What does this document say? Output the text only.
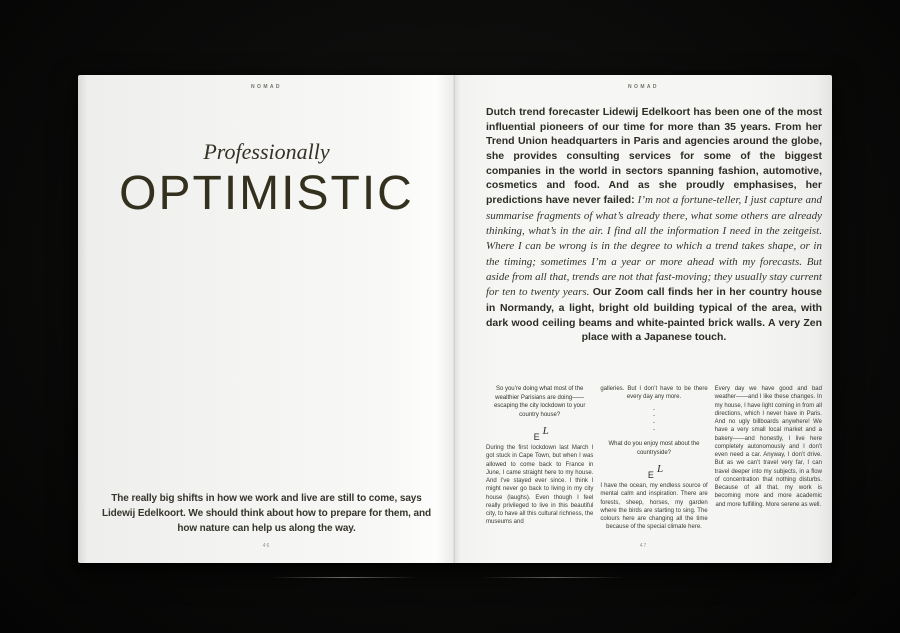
NOMAD
Professionally
OPTIMISTIC

The really big shifts in how we work and live are still to come, says Lidewij Edelkoort. We should think about how to prepare for them, and how nature can help us along the way.

46
NOMAD

Dutch trend forecaster Lidewij Edelkoort has been one of the most influential pioneers of our time for more than 35 years. From her Trend Union headquarters in Paris and agencies around the globe, she provides consulting services for some of the biggest companies in the world in sectors spanning fashion, automotive, cosmetics and food. And as she proudly emphasises, her predictions have never failed: I’m not a fortune-teller, I just capture and summarise fragments of what’s already there, what some others are already thinking, what’s in the air. I find all the information I need in the zeitgeist. Where I can be wrong is in the degree to which a trend takes shape, or in the timing; sometimes I’m a year or more ahead with my forecasts. But aside from all that, trends are not that fast-moving; they usually stay current for ten to twenty years. Our Zoom call finds her in her country house in Normandy, a light, bright old building typical of the area, with dark wood ceiling beams and white-painted brick walls. A very Zen place with a Japanese touch.

So you’re doing what most of the wealthier Parisians are doing——escaping the city lockdown to your country house?

E L

During the first lockdown last March I got stuck in Cape Town, but when I was allowed to come back to France in June, I came straight here to my house. And I’ve stayed ever since. I think I might never go back to living in my city house (laughs). Even though I feel really privileged to live in this beautiful city, to have all this cultural richness, the museums and

galleries. But I don’t have to be there every day any more.

-
-
-
-

What do you enjoy most about the countryside?

E L

I have the ocean, my endless source of mental calm and inspiration. There are forests, sheep, horses, my garden where the birds are starting to sing. The colours here are changing all the time because of the special climate here.

Every day we have good and bad weather——and I like these changes. In my house, I have light coming in from all directions, which I never have in Paris. And no ugly billboards anywhere! We have a very small local market and a bakery——and honestly, I live here completely autonomously and I don’t even need a car. Anyway, I don’t drive. But as we can’t travel very far, I can travel deeper into my subjects, in a flow of concentration that nothing disturbs. Because of all that, my work is becoming more and more academic and more fulfilling. More serene as well.

47
